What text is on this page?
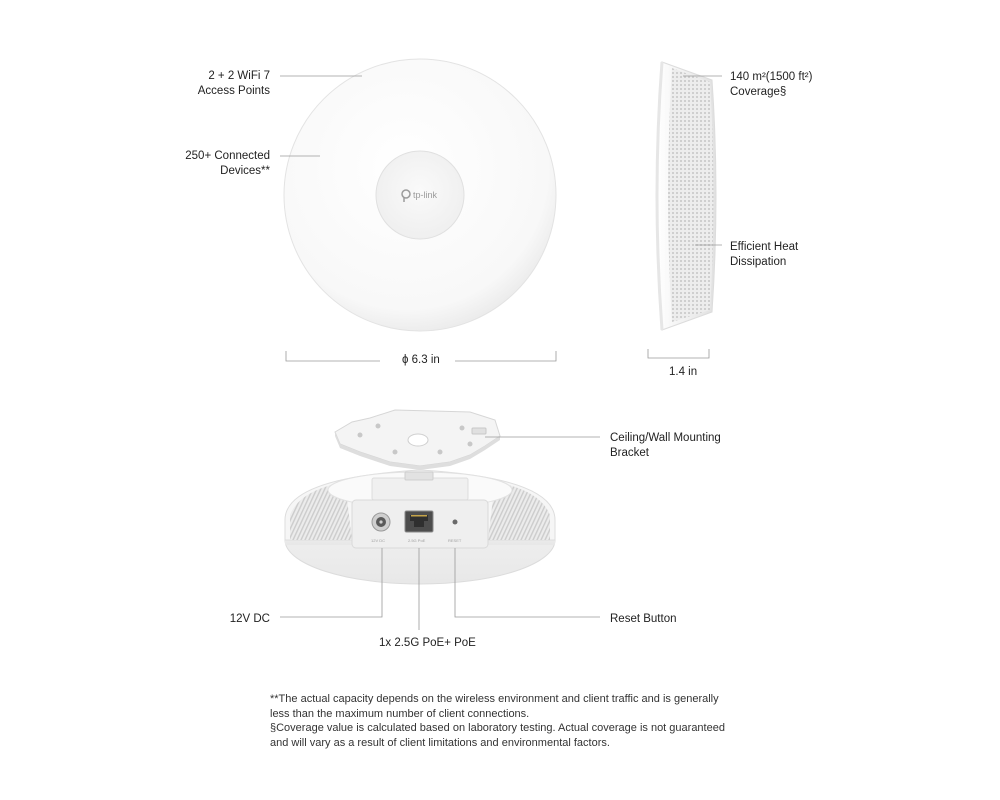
tp-link
12V DC	2.5G PoE	RESET
2 + 2 WiFi 7
Access Points
250+ Connected
Devices**
140 m²(1500 ft²)
Coverage§
Efficient Heat
Dissipation
Ceiling/Wall Mounting
Bracket
12V DC
1x 2.5G PoE+ PoE
Reset Button
ϕ 6.3 in
1.4 in

**The actual capacity depends on the wireless environment and client traffic and is generally less than the maximum number of client connections.

§Coverage value is calculated based on laboratory testing. Actual coverage is not guaranteed and will vary as a result of client limitations and environmental factors.
